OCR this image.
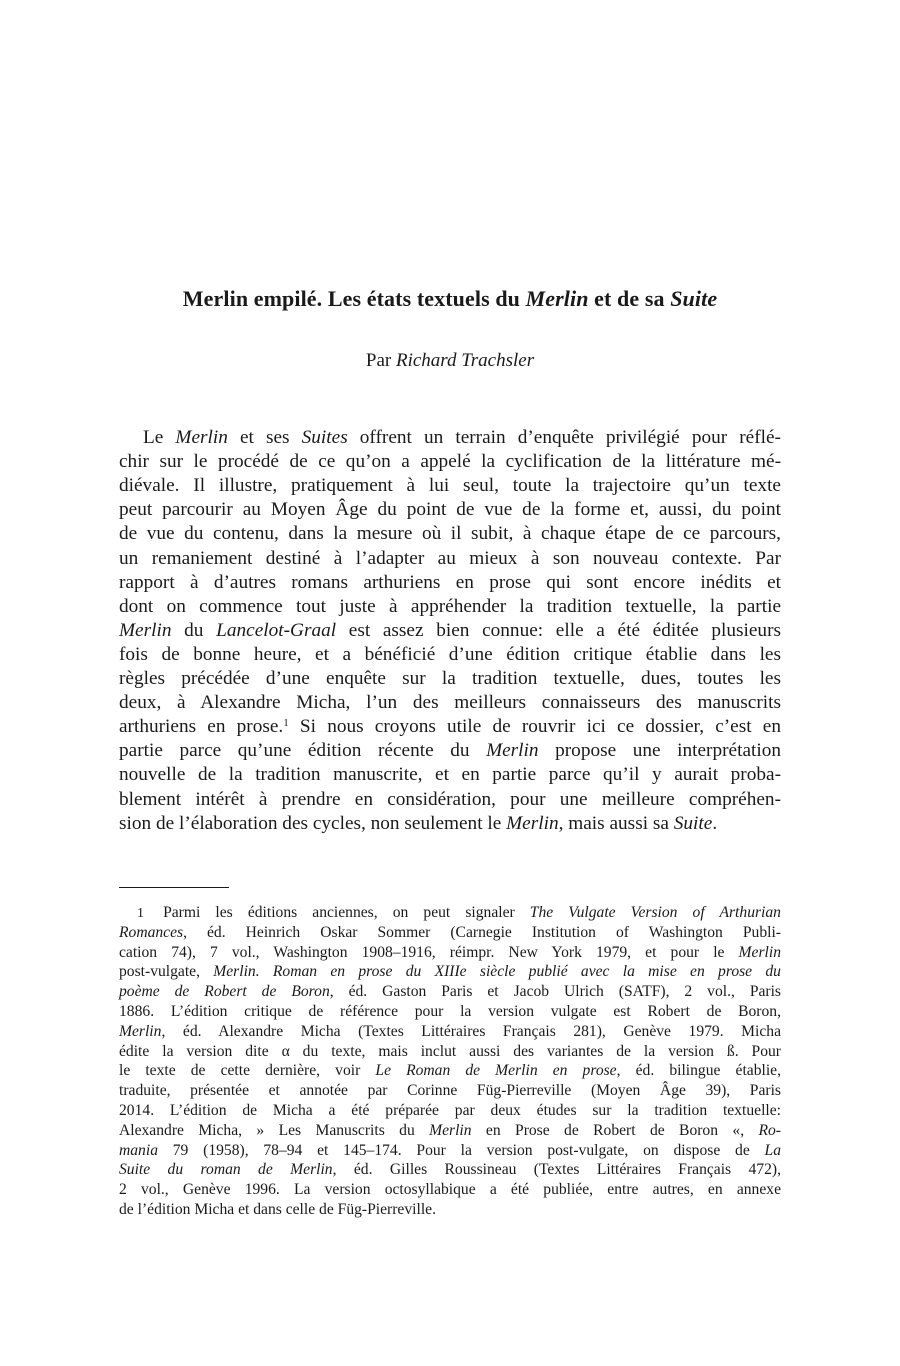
Merlin empilé. Les états textuels du Merlin et de sa Suite
Par Richard Trachsler
Le Merlin et ses Suites offrent un terrain d’enquête privilégié pour réflé-
chir sur le procédé de ce qu’on a appelé la cyclification de la littérature mé-
diévale. Il illustre, pratiquement à lui seul, toute la trajectoire qu’un texte
peut parcourir au Moyen Âge du point de vue de la forme et, aussi, du point
de vue du contenu, dans la mesure où il subit, à chaque étape de ce parcours,
un remaniement destiné à l’adapter au mieux à son nouveau contexte. Par
rapport à d’autres romans arthuriens en prose qui sont encore inédits et
dont on commence tout juste à appréhender la tradition textuelle, la partie
Merlin du Lancelot-Graal est assez bien connue: elle a été éditée plusieurs
fois de bonne heure, et a bénéficié d’une édition critique établie dans les
règles précédée d’une enquête sur la tradition textuelle, dues, toutes les
deux, à Alexandre Micha, l’un des meilleurs connaisseurs des manuscrits
arthuriens en prose.$^1$ Si nous croyons utile de rouvrir ici ce dossier, c’est en
partie parce qu’une édition récente du Merlin propose une interprétation
nouvelle de la tradition manuscrite, et en partie parce qu’il y aurait proba-
blement intérêt à prendre en considération, pour une meilleure compréhen-
sion de l’élaboration des cycles, non seulement le Merlin, mais aussi sa Suite.
1 Parmi les éditions anciennes, on peut signaler The Vulgate Version of Arthurian
Romances, éd. Heinrich Oskar Sommer (Carnegie Institution of Washington Publi-
cation 74), 7 vol., Washington 1908–1916, réimpr. New York 1979, et pour le Merlin
post-vulgate, Merlin. Roman en prose du XIIIe siècle publié avec la mise en prose du
poème de Robert de Boron, éd. Gaston Paris et Jacob Ulrich (SATF), 2 vol., Paris
1886. L’édition critique de référence pour la version vulgate est Robert de Boron,
Merlin, éd. Alexandre Micha (Textes Littéraires Français 281), Genève 1979. Micha
édite la version dite α du texte, mais inclut aussi des variantes de la version ß. Pour
le texte de cette dernière, voir Le Roman de Merlin en prose, éd. bilingue établie,
traduite, présentée et annotée par Corinne Füg-Pierreville (Moyen Âge 39), Paris
2014. L’édition de Micha a été préparée par deux études sur la tradition textuelle:
Alexandre Micha, » Les Manuscrits du Merlin en Prose de Robert de Boron «, Ro-
mania 79 (1958), 78–94 et 145–174. Pour la version post-vulgate, on dispose de La
Suite du roman de Merlin, éd. Gilles Roussineau (Textes Littéraires Français 472),
2 vol., Genève 1996. La version octosyllabique a été publiée, entre autres, en annexe
de l’édition Micha et dans celle de Füg-Pierreville.
